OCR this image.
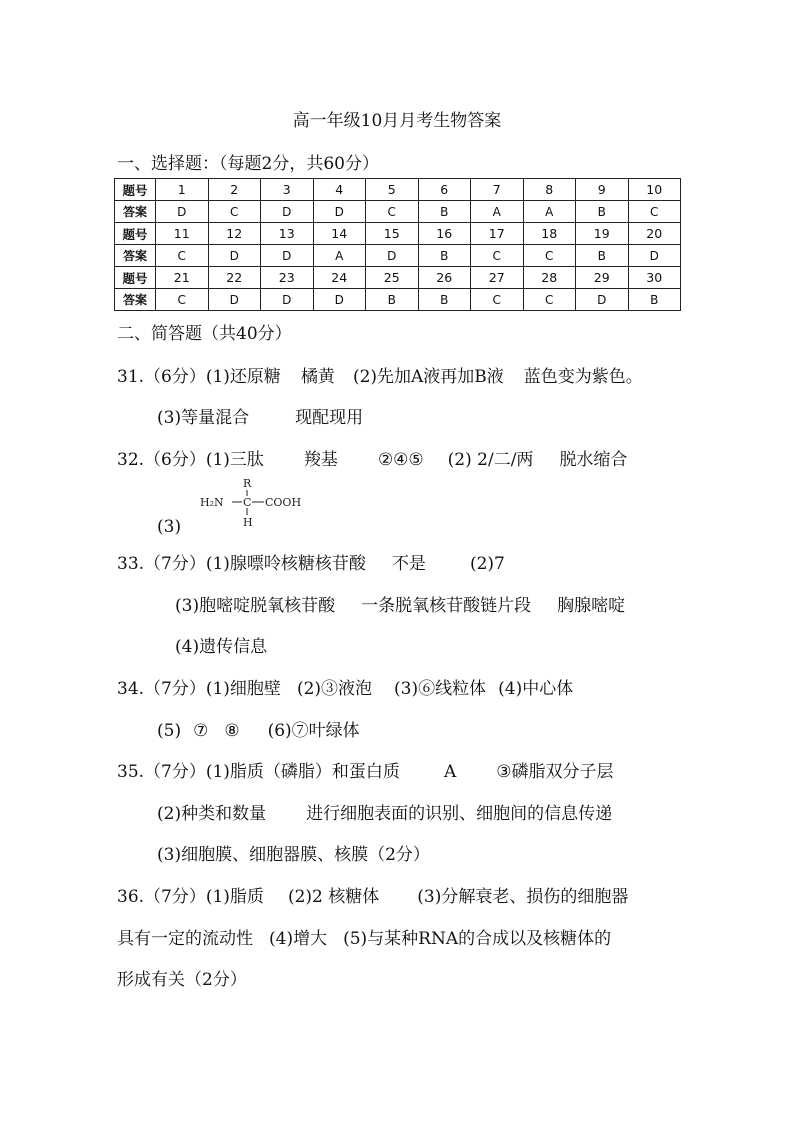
高一年级10月月考生物答案
一、选择题：（每题2分，共60分）
题号	1	2	3	4	5	6	7	8	9	10
答案	D	C	D	D	C	B	A	A	B	C
题号	11	12	13	14	15	16	17	18	19	20
答案	C	D	D	A	D	B	C	C	B	D
题号	21	22	23	24	25	26	27	28	29	30
答案	C	D	D	D	B	B	C	C	D	B
二、简答题（共40分）
31.（6分）(1)还原糖 橘黄 (2)先加A液再加B液 蓝色变为紫色。
(3)等量混合	现配现用
32.（6分）(1)三肽 羧基 ②④⑤ (2) 2/二/两 脱水缩合
R
H₂N C COOH
H
(3)
33.（7分）(1)腺嘌呤核糖核苷酸 不是	(2)7
(3)胞嘧啶脱氧核苷酸 一条脱氧核苷酸链片段 胸腺嘧啶
(4)遗传信息
34.（7分）(1)细胞壁 (2)③液泡 (3)⑥线粒体 (4)中心体
(5) ⑦ ⑧ (6)⑦叶绿体
35.（7分）(1)脂质（磷脂）和蛋白质	A ③磷脂双分子层
(2)种类和数量 进行细胞表面的识别、细胞间的信息传递
(3)细胞膜、细胞器膜、核膜（2分）
36.（7分）(1)脂质 (2)2 核糖体 (3)分解衰老、损伤的细胞器
具有一定的流动性 (4)增大 (5)与某种RNA的合成以及核糖体的
形成有关（2分）
